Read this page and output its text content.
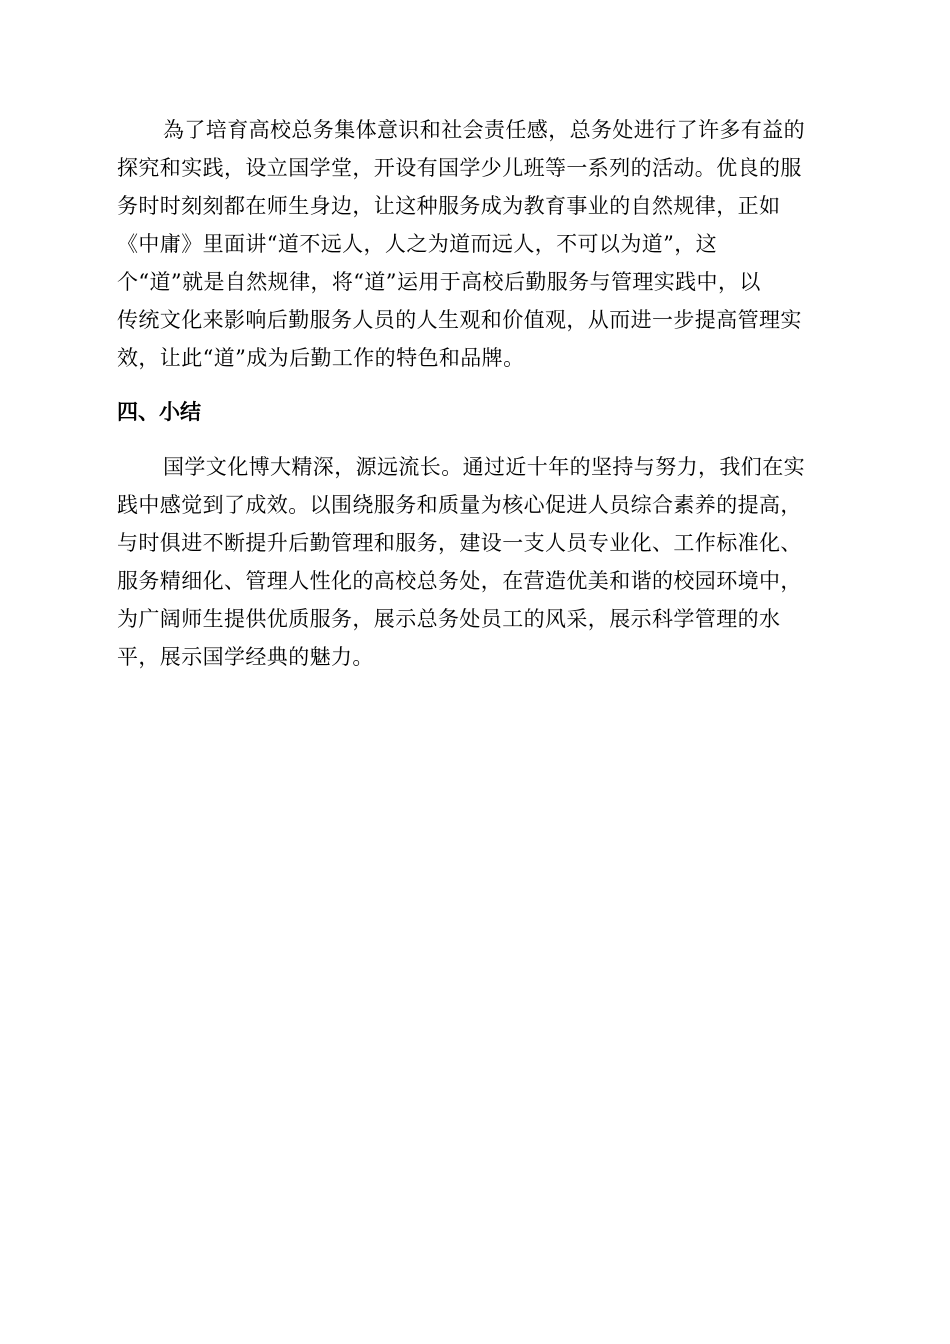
為了培育高校总务集体意识和社会责任感，总务处进行了许多有益的
探究和实践，设立国学堂，开设有国学少儿班等一系列的活动。优良的服
务时时刻刻都在师生身边，让这种服务成为教育事业的自然规律，正如
《中庸》里面讲“道不远人，人之为道而远人，不可以为道”，这
个“道”就是自然规律，将“道”运用于高校后勤服务与管理实践中，以
传统文化来影响后勤服务人员的人生观和价值观，从而进一步提高管理实
效，让此“道”成为后勤工作的特色和品牌。
四、小结
国学文化博大精深，源远流长。通过近十年的坚持与努力，我们在实
践中感觉到了成效。以围绕服务和质量为核心促进人员综合素养的提高，
与时俱进不断提升后勤管理和服务，建设一支人员专业化、工作标准化、
服务精细化、管理人性化的高校总务处，在营造优美和谐的校园环境中，
为广阔师生提供优质服务，展示总务处员工的风采，展示科学管理的水
平，展示国学经典的魅力。
